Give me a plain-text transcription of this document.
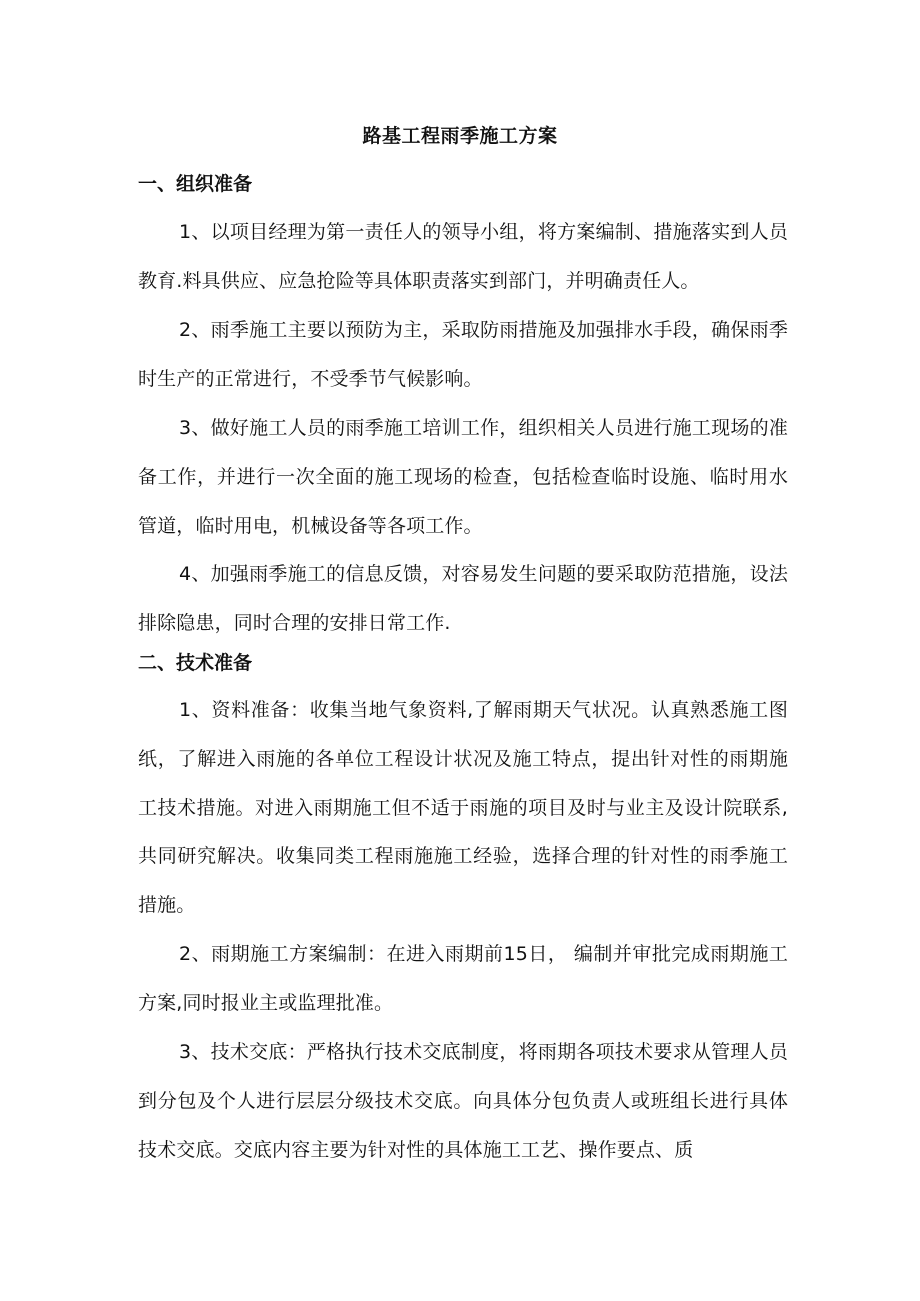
路基工程雨季施工方案
一、组织准备
1、以项目经理为第一责任人的领导小组，将方案编制、措施落实到人员教育.料具供应、应急抢险等具体职责落实到部门，并明确责任人。
2、雨季施工主要以预防为主，采取防雨措施及加强排水手段，确保雨季时生产的正常进行，不受季节气候影响。
3、做好施工人员的雨季施工培训工作，组织相关人员进行施工现场的准备工作，并进行一次全面的施工现场的检查，包括检查临时设施、临时用水管道，临时用电，机械设备等各项工作。
4、加强雨季施工的信息反馈，对容易发生问题的要采取防范措施，设法排除隐患，同时合理的安排日常工作.
二、技术准备
1、资料准备：收集当地气象资料,了解雨期天气状况。认真熟悉施工图纸，了解进入雨施的各单位工程设计状况及施工特点，提出针对性的雨期施工技术措施。对进入雨期施工但不适于雨施的项目及时与业主及设计院联系,共同研究解决。收集同类工程雨施施工经验，选择合理的针对性的雨季施工措施。
2、雨期施工方案编制：在进入雨期前15日， 编制并审批完成雨期施工方案,同时报业主或监理批准。
3、技术交底：严格执行技术交底制度，将雨期各项技术要求从管理人员到分包及个人进行层层分级技术交底。向具体分包负责人或班组长进行具体技术交底。交底内容主要为针对性的具体施工工艺、操作要点、质
